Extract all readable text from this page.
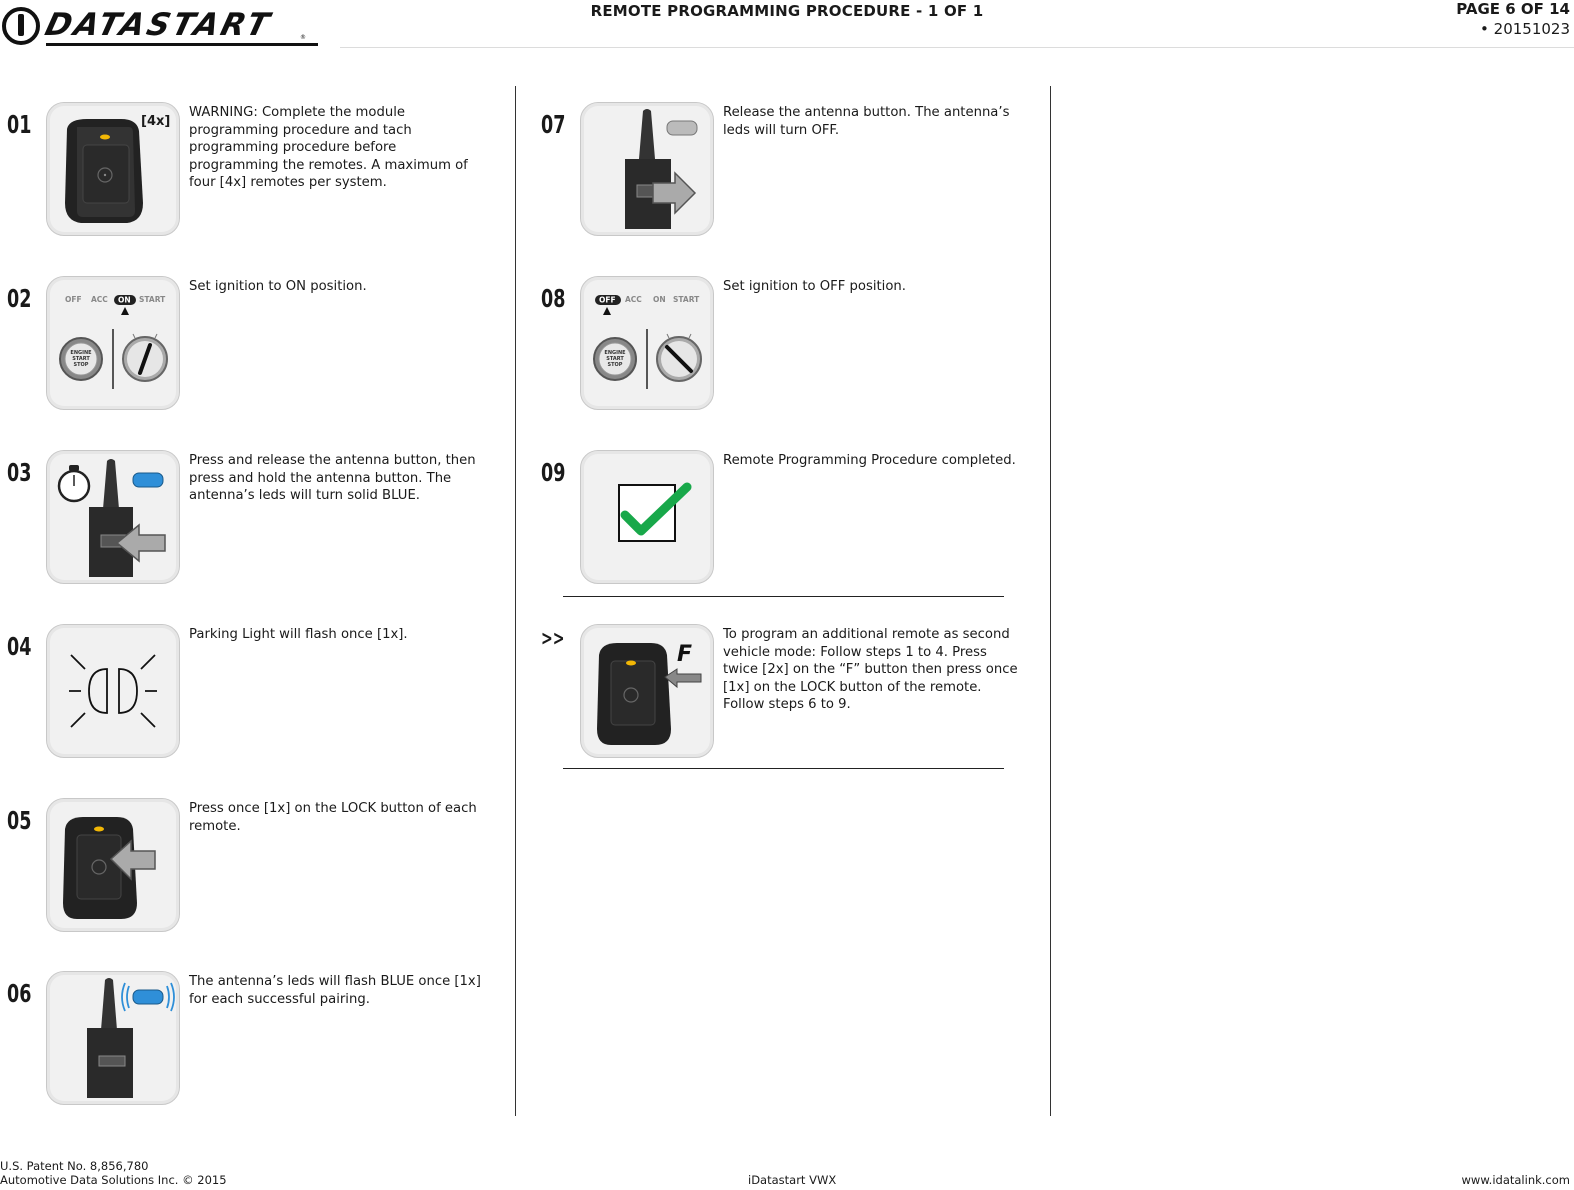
DATASTART	®
REMOTE PROGRAMMING PROCEDURE - 1 OF 1	PAGE 6 OF 14
• 20151023
01	[4x]
WARNING: Complete the module programming procedure and tach programming procedure before programming the remotes. A maximum of four [4x] remotes per system.
02	OFF ACC ON START
ENGINE
START
STOP
Set ignition to ON position.
03	Press and release the antenna button, then press and hold the antenna button. The antenna’s leds will turn solid BLUE.
04	Parking Light will flash once [1x].
05	Press once [1x] on the LOCK button of each remote.
06	The antenna’s leds will flash BLUE once [1x] for each successful pairing.
07	Release the antenna button. The antenna’s leds will turn OFF.
08	OFF ACC ON START
ENGINE
START
STOP
Set ignition to OFF position.
09	Remote Programming Procedure completed.
>>
F
To program an additional remote as second vehicle mode: Follow steps 1 to 4. Press twice [2x] on the “F” button then press once [1x] on the LOCK button of the remote. Follow steps 6 to 9.
U.S. Patent No. 8,856,780
Automotive Data Solutions Inc. © 2015	iDatastart VWX	www.idatalink.com
